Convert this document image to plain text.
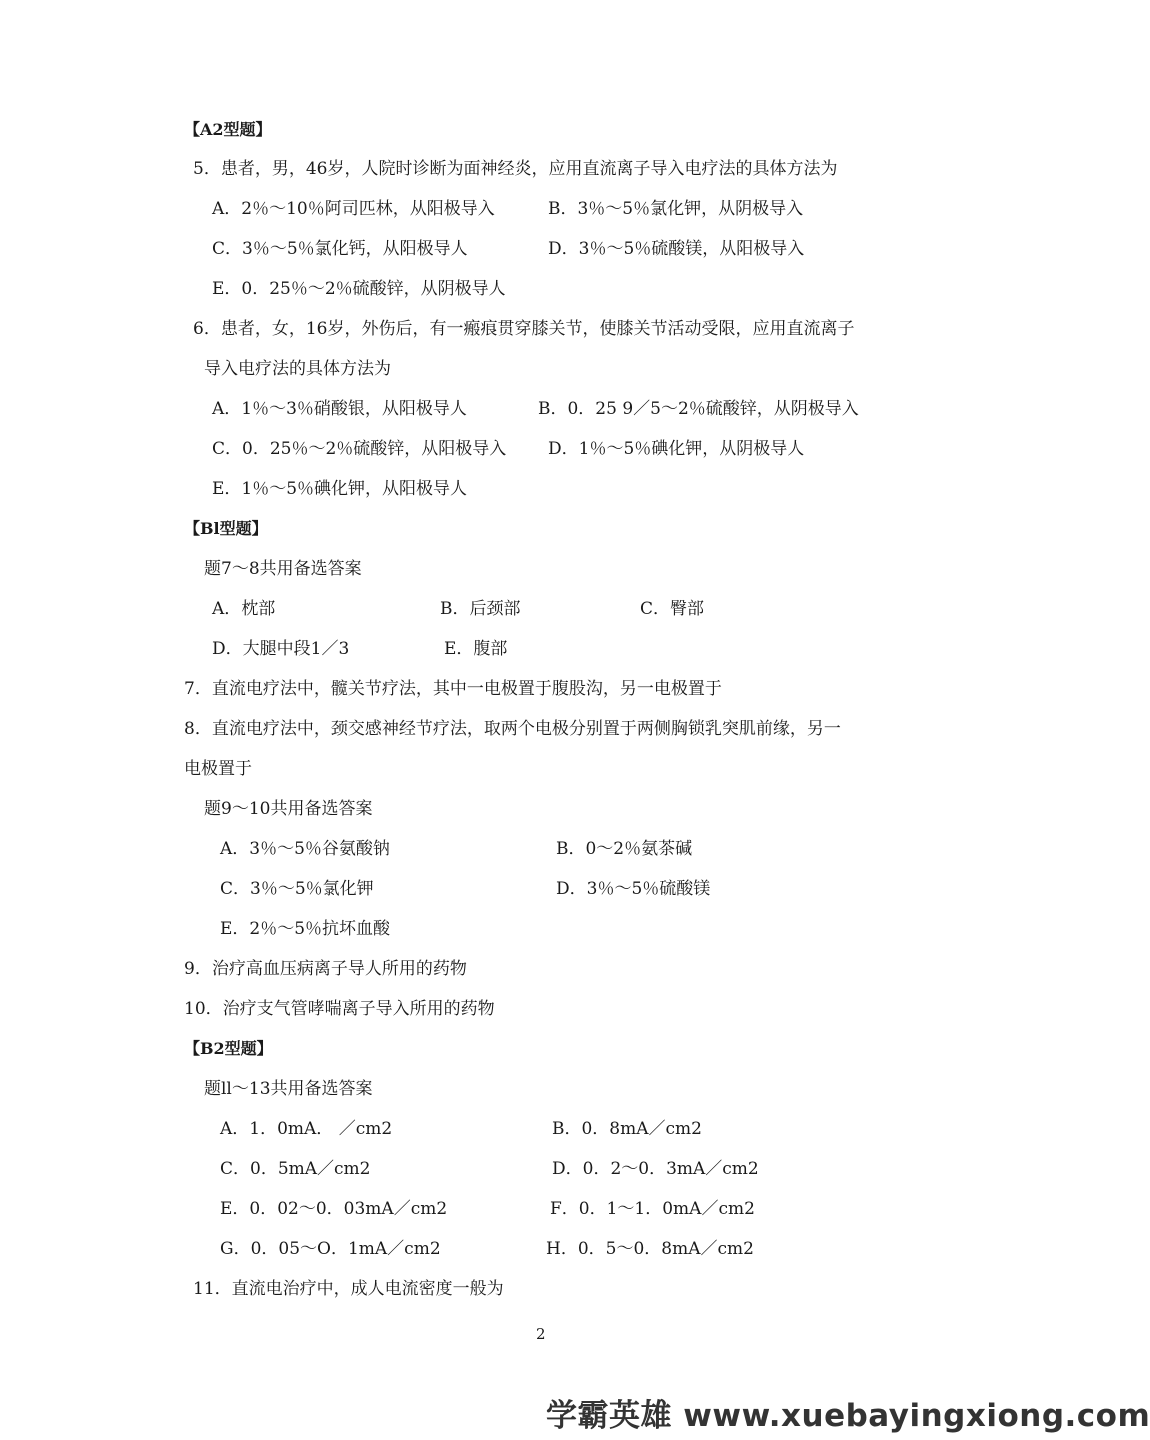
【A2型题】
5．患者，男，46岁，人院时诊断为面神经炎，应用直流离子导入电疗法的具体方法为
A．2％～10％阿司匹林，从阳极导入	B．3％～5％氯化钾，从阴极导入
C．3％～5％氯化钙，从阳极导人	D．3％～5％硫酸镁，从阳极导入
E．0．25％～2％硫酸锌，从阴极导人
6．患者，女，16岁，外伤后，有一瘢痕贯穿膝关节，使膝关节活动受限，应用直流离子
导入电疗法的具体方法为
A．1％～3％硝酸银，从阳极导人	B．0．25 9／5～2％硫酸锌，从阴极导入
C．0．25％～2％硫酸锌，从阳极导入 D．1％～5％碘化钾，从阴极导人
E．1％～5％碘化钾，从阳极导人
【Bl型题】
题7～8共用备选答案
A．枕部	B．后颈部	C．臀部
D．大腿中段1／3	E．腹部
7．直流电疗法中，髋关节疗法，其中一电极置于腹股沟，另一电极置于
8．直流电疗法中，颈交感神经节疗法，取两个电极分别置于两侧胸锁乳突肌前缘，另一
电极置于
题9～10共用备选答案
A．3％～5％谷氨酸钠	B．0～2％氨茶碱
C．3％～5％氯化钾	D．3％～5％硫酸镁
E．2％～5％抗坏血酸
9．治疗高血压病离子导人所用的药物
10．治疗支气管哮喘离子导入所用的药物
【B2型题】
题ll～13共用备选答案
A．1．0mA． ／cm2	B．0．8mA／cm2
C．0．5mA／cm2	D．0．2～0．3mA／cm2
E．0．02～0．03mA／cm2	F．0．1～1．0mA／cm2
G．0．05～O．1mA／cm2	H．0．5～0．8mA／cm2
11．直流电治疗中，成人电流密度一般为
2
学霸英雄 www.xuebayingxiong.com
